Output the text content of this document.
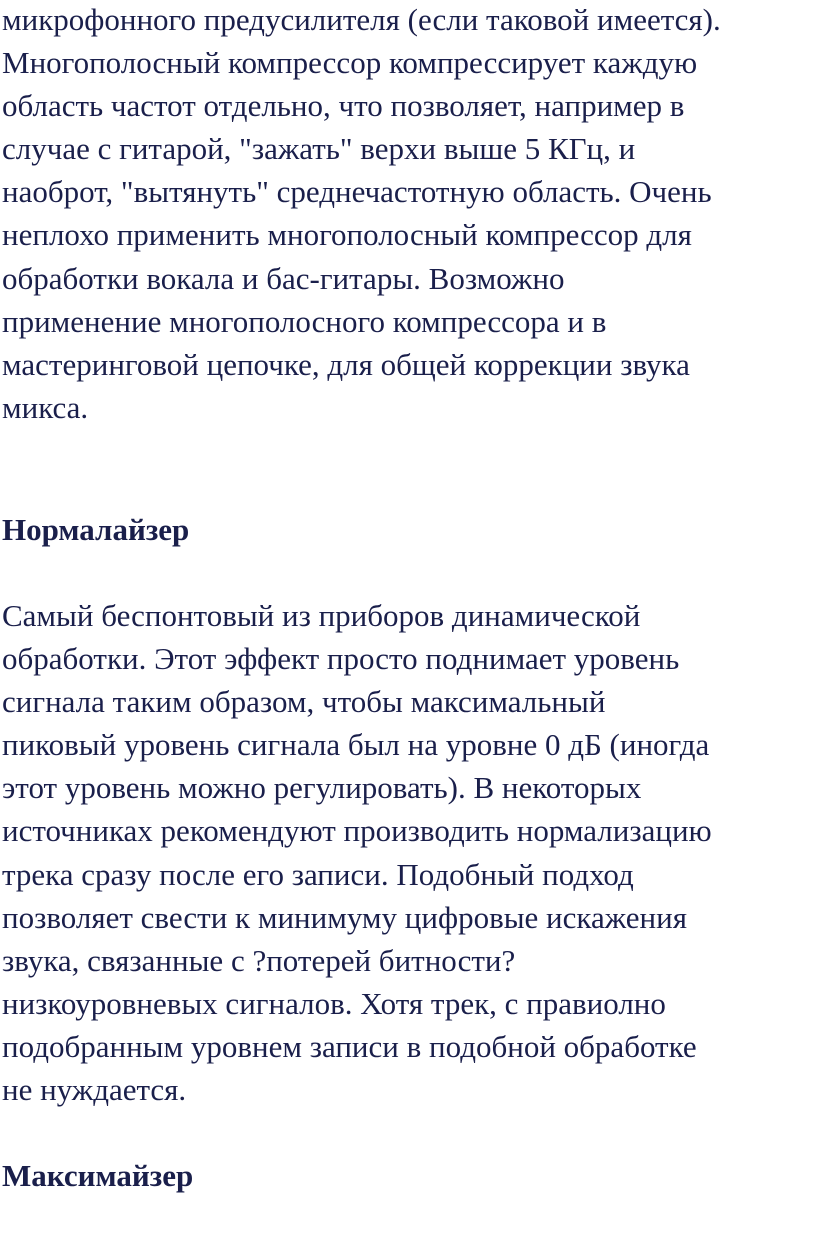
микрофонного предусилителя (если таковой имеется).
Многополосный компрессор компрессирует каждую
область частот отдельно, что позволяет, например в
случае с гитарой, "зажать" верхи выше 5 КГц, и
наоброт, "вытянуть" среднечастотную область. Очень
неплохо применить многополосный компрессор для
обработки вокала и бас-гитары. Возможно
применение многополосного компрессора и в
мастеринговой цепочке, для общей коррекции звука
микса.
Нормалайзер
Самый беспонтовый из приборов динамической
обработки. Этот эффект просто поднимает уровень
сигнала таким образом, чтобы максимальный
пиковый уровень сигнала был на уровне 0 дБ (иногда
этот уровень можно регулировать). В некоторых
источниках рекомендуют производить нормализацию
трека сразу после его записи. Подобный подход
позволяет свести к минимуму цифровые искажения
звука, связанные с ?потерей битности?
низкоуровневых сигналов. Хотя трек, с правиолно
подобранным уровнем записи в подобной обработке
не нуждается.
Максимайзер
